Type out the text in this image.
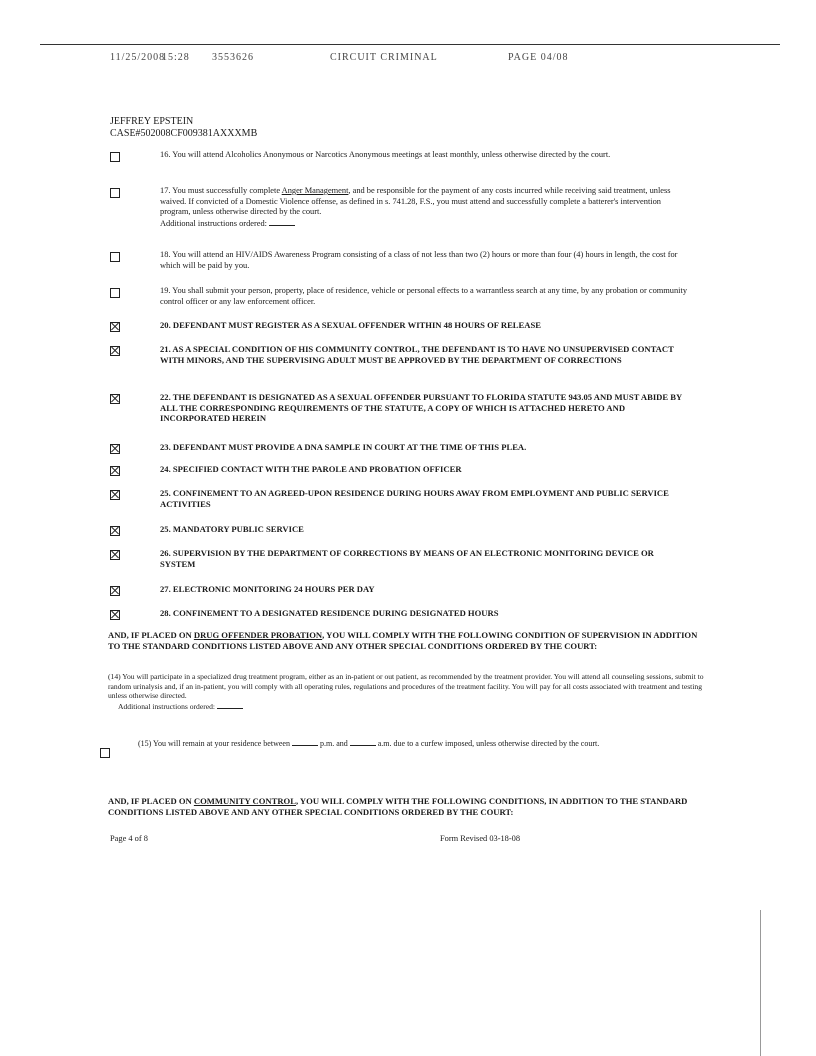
11/25/2008
15:28 3553626	CIRCUIT CRIMINAL	PAGE 04/08
JEFFREY EPSTEIN
CASE#502008CF009381AXXXMB
16. You will attend Alcoholics Anonymous or Narcotics Anonymous meetings at least monthly, unless otherwise directed by the court.
17. You must successfully complete Anger Management, and be responsible for the payment of any costs incurred while receiving said treatment, unless waived. If convicted of a Domestic Violence offense, as defined in s. 741.28, F.S., you must attend and successfully complete a batterer's intervention program, unless otherwise directed by the court.
Additional instructions ordered:
18. You will attend an HIV/AIDS Awareness Program consisting of a class of not less than two (2) hours or more than four (4) hours in length, the cost for which will be paid by you.
19. You shall submit your person, property, place of residence, vehicle or personal effects to a warrantless search at any time, by any probation or community control officer or any law enforcement officer.
20. DEFENDANT MUST REGISTER AS A SEXUAL OFFENDER WITHIN 48 HOURS OF RELEASE
21. AS A SPECIAL CONDITION OF HIS COMMUNITY CONTROL, THE DEFENDANT IS TO HAVE NO UNSUPERVISED CONTACT WITH MINORS, AND THE SUPERVISING ADULT MUST BE APPROVED BY THE DEPARTMENT OF CORRECTIONS
22. THE DEFENDANT IS DESIGNATED AS A SEXUAL OFFENDER PURSUANT TO FLORIDA STATUTE 943.05 AND MUST ABIDE BY ALL THE CORRESPONDING REQUIREMENTS OF THE STATUTE, A COPY OF WHICH IS ATTACHED HERETO AND INCORPORATED HEREIN
23. DEFENDANT MUST PROVIDE A DNA SAMPLE IN COURT AT THE TIME OF THIS PLEA.
24. SPECIFIED CONTACT WITH THE PAROLE AND PROBATION OFFICER
25. CONFINEMENT TO AN AGREED-UPON RESIDENCE DURING HOURS AWAY FROM EMPLOYMENT AND PUBLIC SERVICE ACTIVITIES
25. MANDATORY PUBLIC SERVICE
26. SUPERVISION BY THE DEPARTMENT OF CORRECTIONS BY MEANS OF AN ELECTRONIC MONITORING DEVICE OR SYSTEM
27. ELECTRONIC MONITORING 24 HOURS PER DAY
28. CONFINEMENT TO A DESIGNATED RESIDENCE DURING DESIGNATED HOURS
AND, IF PLACED ON DRUG OFFENDER PROBATION, YOU WILL COMPLY WITH THE FOLLOWING CONDITION OF SUPERVISION IN ADDITION TO THE STANDARD CONDITIONS LISTED ABOVE AND ANY OTHER SPECIAL CONDITIONS ORDERED BY THE COURT:
(14) You will participate in a specialized drug treatment program, either as an in-patient or out patient, as recommended by the treatment provider. You will attend all counseling sessions, submit to random urinalysis and, if an in-patient, you will comply with all operating rules, regulations and procedures of the treatment facility. You will pay for all costs associated with treatment and testing unless otherwise directed.
Additional instructions ordered:
(15) You will remain at your residence between	p.m. and	a.m. due to a curfew imposed, unless otherwise directed by the court.
AND, IF PLACED ON COMMUNITY CONTROL, YOU WILL COMPLY WITH THE FOLLOWING CONDITIONS, IN ADDITION TO THE STANDARD CONDITIONS LISTED ABOVE AND ANY OTHER SPECIAL CONDITIONS ORDERED BY THE COURT:
Page 4 of 8	Form Revised 03-18-08
